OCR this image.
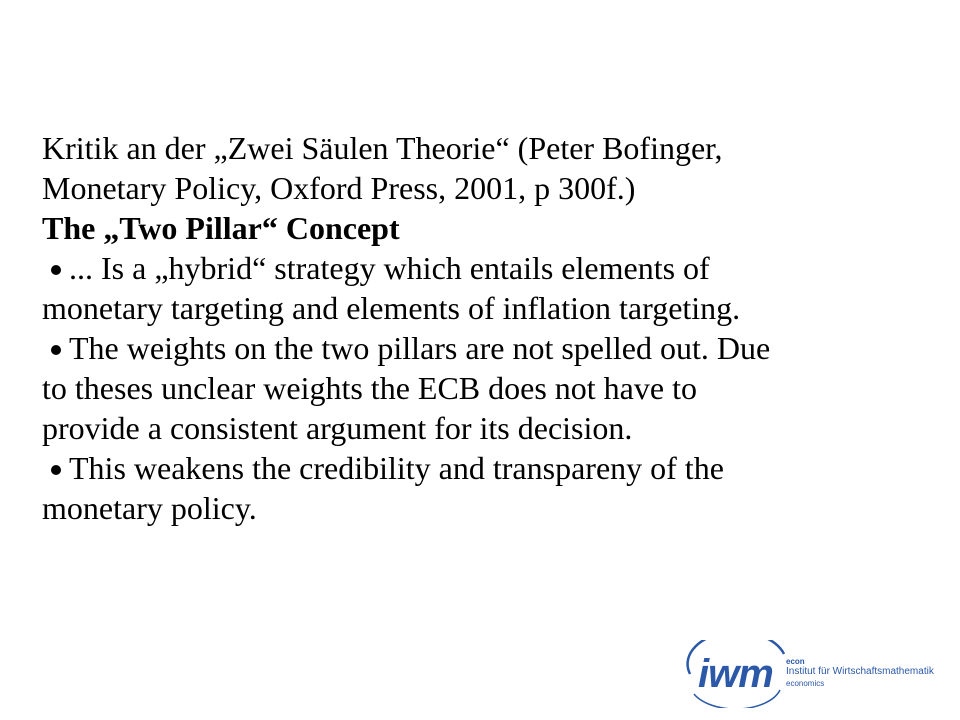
Kritik an der „Zwei Säulen Theorie“ (Peter Bofinger,
Monetary Policy, Oxford Press, 2001, p 300f.)
The „Two Pillar“ Concept
... Is a „hybrid“ strategy which entails elements of
monetary targeting and elements of inflation targeting.
The weights on the two pillars are not spelled out. Due
to theses unclear weights the ECB does not have to
provide a consistent argument for its decision.
This weakens the credibility and transpareny of the
monetary policy.
iwm econ
Institut für Wirtschaftsmathematik
economics
